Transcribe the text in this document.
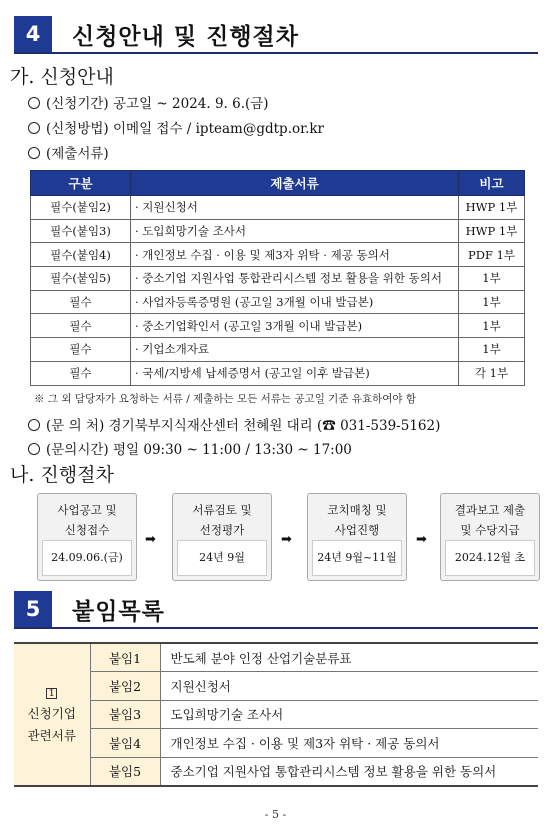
4	신청안내 및 진행절차
가. 신청안내
(신청기간) 공고일 ~ 2024. 9. 6.(금)
(신청방법) 이메일 접수 / ipteam@gdtp.or.kr
(제출서류)
구분	제출서류	비고
필수(붙임2)	· 지원신청서	HWP 1부
필수(붙임3)	· 도입희망기술 조사서	HWP 1부
필수(붙임4)	· 개인정보 수집 · 이용 및 제3자 위탁 · 제공 동의서	PDF 1부
필수(붙임5)	· 중소기업 지원사업 통합관리시스템 정보 활용을 위한 동의서	1부
필수	· 사업자등록증명원 (공고일 3개월 이내 발급본)	1부
필수	· 중소기업확인서 (공고일 3개월 이내 발급본)	1부
필수	· 기업소개자료	1부
필수	· 국세/지방세 납세증명서 (공고일 이후 발급본)	각 1부
※ 그 외 담당자가 요청하는 서류 / 제출하는 모든 서류는 공고일 기준 유효하여야 함
(문 의 처) 경기북부지식재산센터 천혜원 대리 (☎ 031-539-5162)
(문의시간) 평일 09:30 ~ 11:00 / 13:30 ~ 17:00
나. 진행절차
사업공고 및
신청접수
24.09.06.(금)
➡
서류검토 및
선정평가
24년 9월
➡
코치매칭 및
사업진행
24년 9월~11월
➡
결과보고 제출
및 수당지급
2024.12월 초
5	붙임목록
1
신청기업
관련서류	붙임1	반도체 분야 인정 산업기술분류표
	붙임2	지원신청서
	붙임3	도입희망기술 조사서
	붙임4	개인정보 수집 · 이용 및 제3자 위탁 · 제공 동의서
	붙임5	중소기업 지원사업 통합관리시스템 정보 활용을 위한 동의서
- 5 -
